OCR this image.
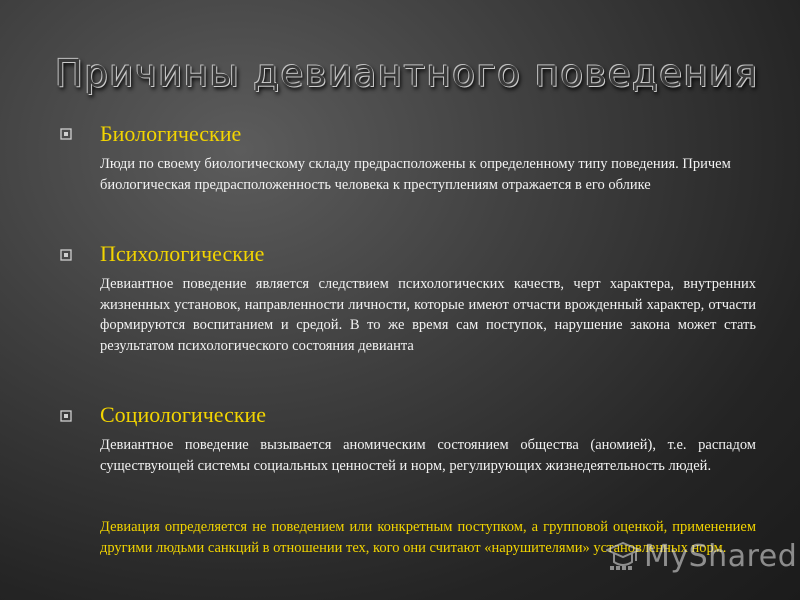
Причины девиантного поведения
Биологические

Люди по своему биологическому складу предрасположены к определенному типу поведения. Причем биологическая предрасположенность человека к преступлениям отражается в его облике

Психологические

Девиантное поведение является следствием психологических качеств, черт характера, внутренних жизненных установок, направленности личности, которые имеют отчасти врожденный характер, отчасти формируются воспитанием и средой. В то же время сам поступок, нарушение закона может стать результатом психологического состояния девианта

Социологические

Девиантное поведение вызывается аномическим состоянием общества (аномией), т.е. распадом существующей системы социальных ценностей и норм, регулирующих жизнедеятельность людей.

Девиация определяется не поведением или конкретным поступком, а групповой оценкой, применением другими людьми санкций в отношении тех, кого они считают «нарушителями» установленных норм.

MyShared
